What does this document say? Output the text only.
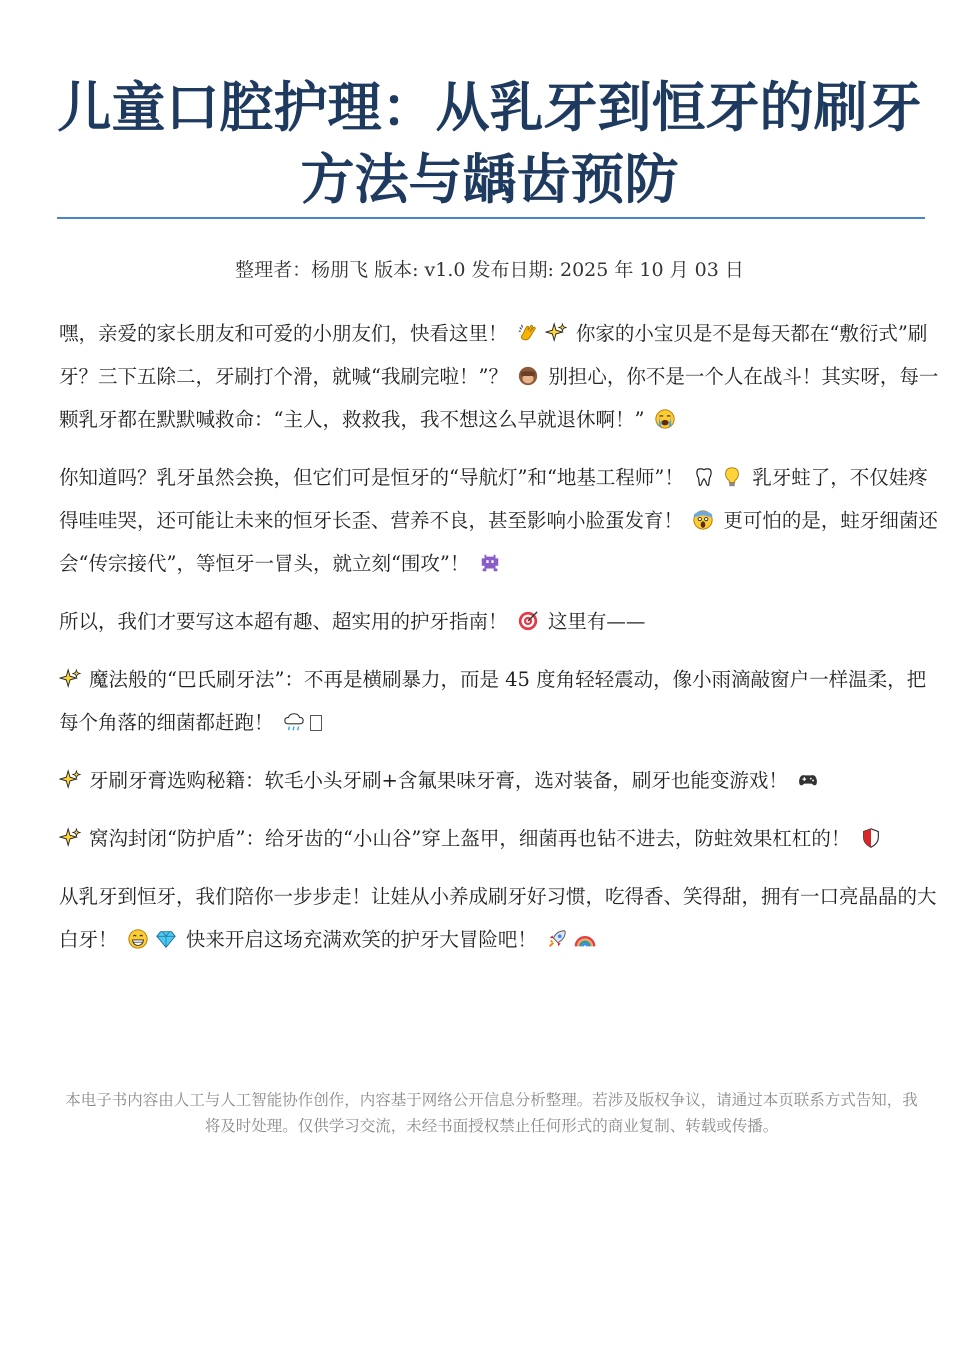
儿童口腔护理：从乳牙到恒牙的刷牙方法与龋齿预防
整理者：杨朋飞 版本: v1.0 发布日期: 2025 年 10 月 03 日

嘿，亲爱的家长朋友和可爱的小朋友们，快看这里！	你家的小宝贝是不是每天都在“敷衍式”刷牙？三下五除二，牙刷打个滑，就喊“我刷完啦！”？ 别担心，你不是一个人在战斗！其实呀，每一颗乳牙都在默默喊救命：“主人，救救我，我不想这么早就退休啊！”

你知道吗？乳牙虽然会换，但它们可是恒牙的“导航灯”和“地基工程师”！	乳牙蛀了，不仅娃疼得哇哇哭，还可能让未来的恒牙长歪、营养不良，甚至影响小脸蛋发育！ 更可怕的是，蛀牙细菌还会“传宗接代”，等恒牙一冒头，就立刻“围攻”！

所以，我们才要写这本超有趣、超实用的护牙指南！ 这里有——

魔法般的“巴氏刷牙法”：不再是横刷暴力，而是 45 度角轻轻震动，像小雨滴敲窗户一样温柔，把每个角落的细菌都赶跑！

牙刷牙膏选购秘籍：软毛小头牙刷+含氟果味牙膏，选对装备，刷牙也能变游戏！

窝沟封闭“防护盾”：给牙齿的“小山谷”穿上盔甲，细菌再也钻不进去，防蛀效果杠杠的！

从乳牙到恒牙，我们陪你一步步走！让娃从小养成刷牙好习惯，吃得香、笑得甜，拥有一口亮晶晶的大白牙！	快来开启这场充满欢笑的护牙大冒险吧！

本电子书内容由人工与人工智能协作创作，内容基于网络公开信息分析整理。若涉及版权争议，请通过本页联系方式告知，我将及时处理。仅供学习交流，未经书面授权禁止任何形式的商业复制、转载或传播。
